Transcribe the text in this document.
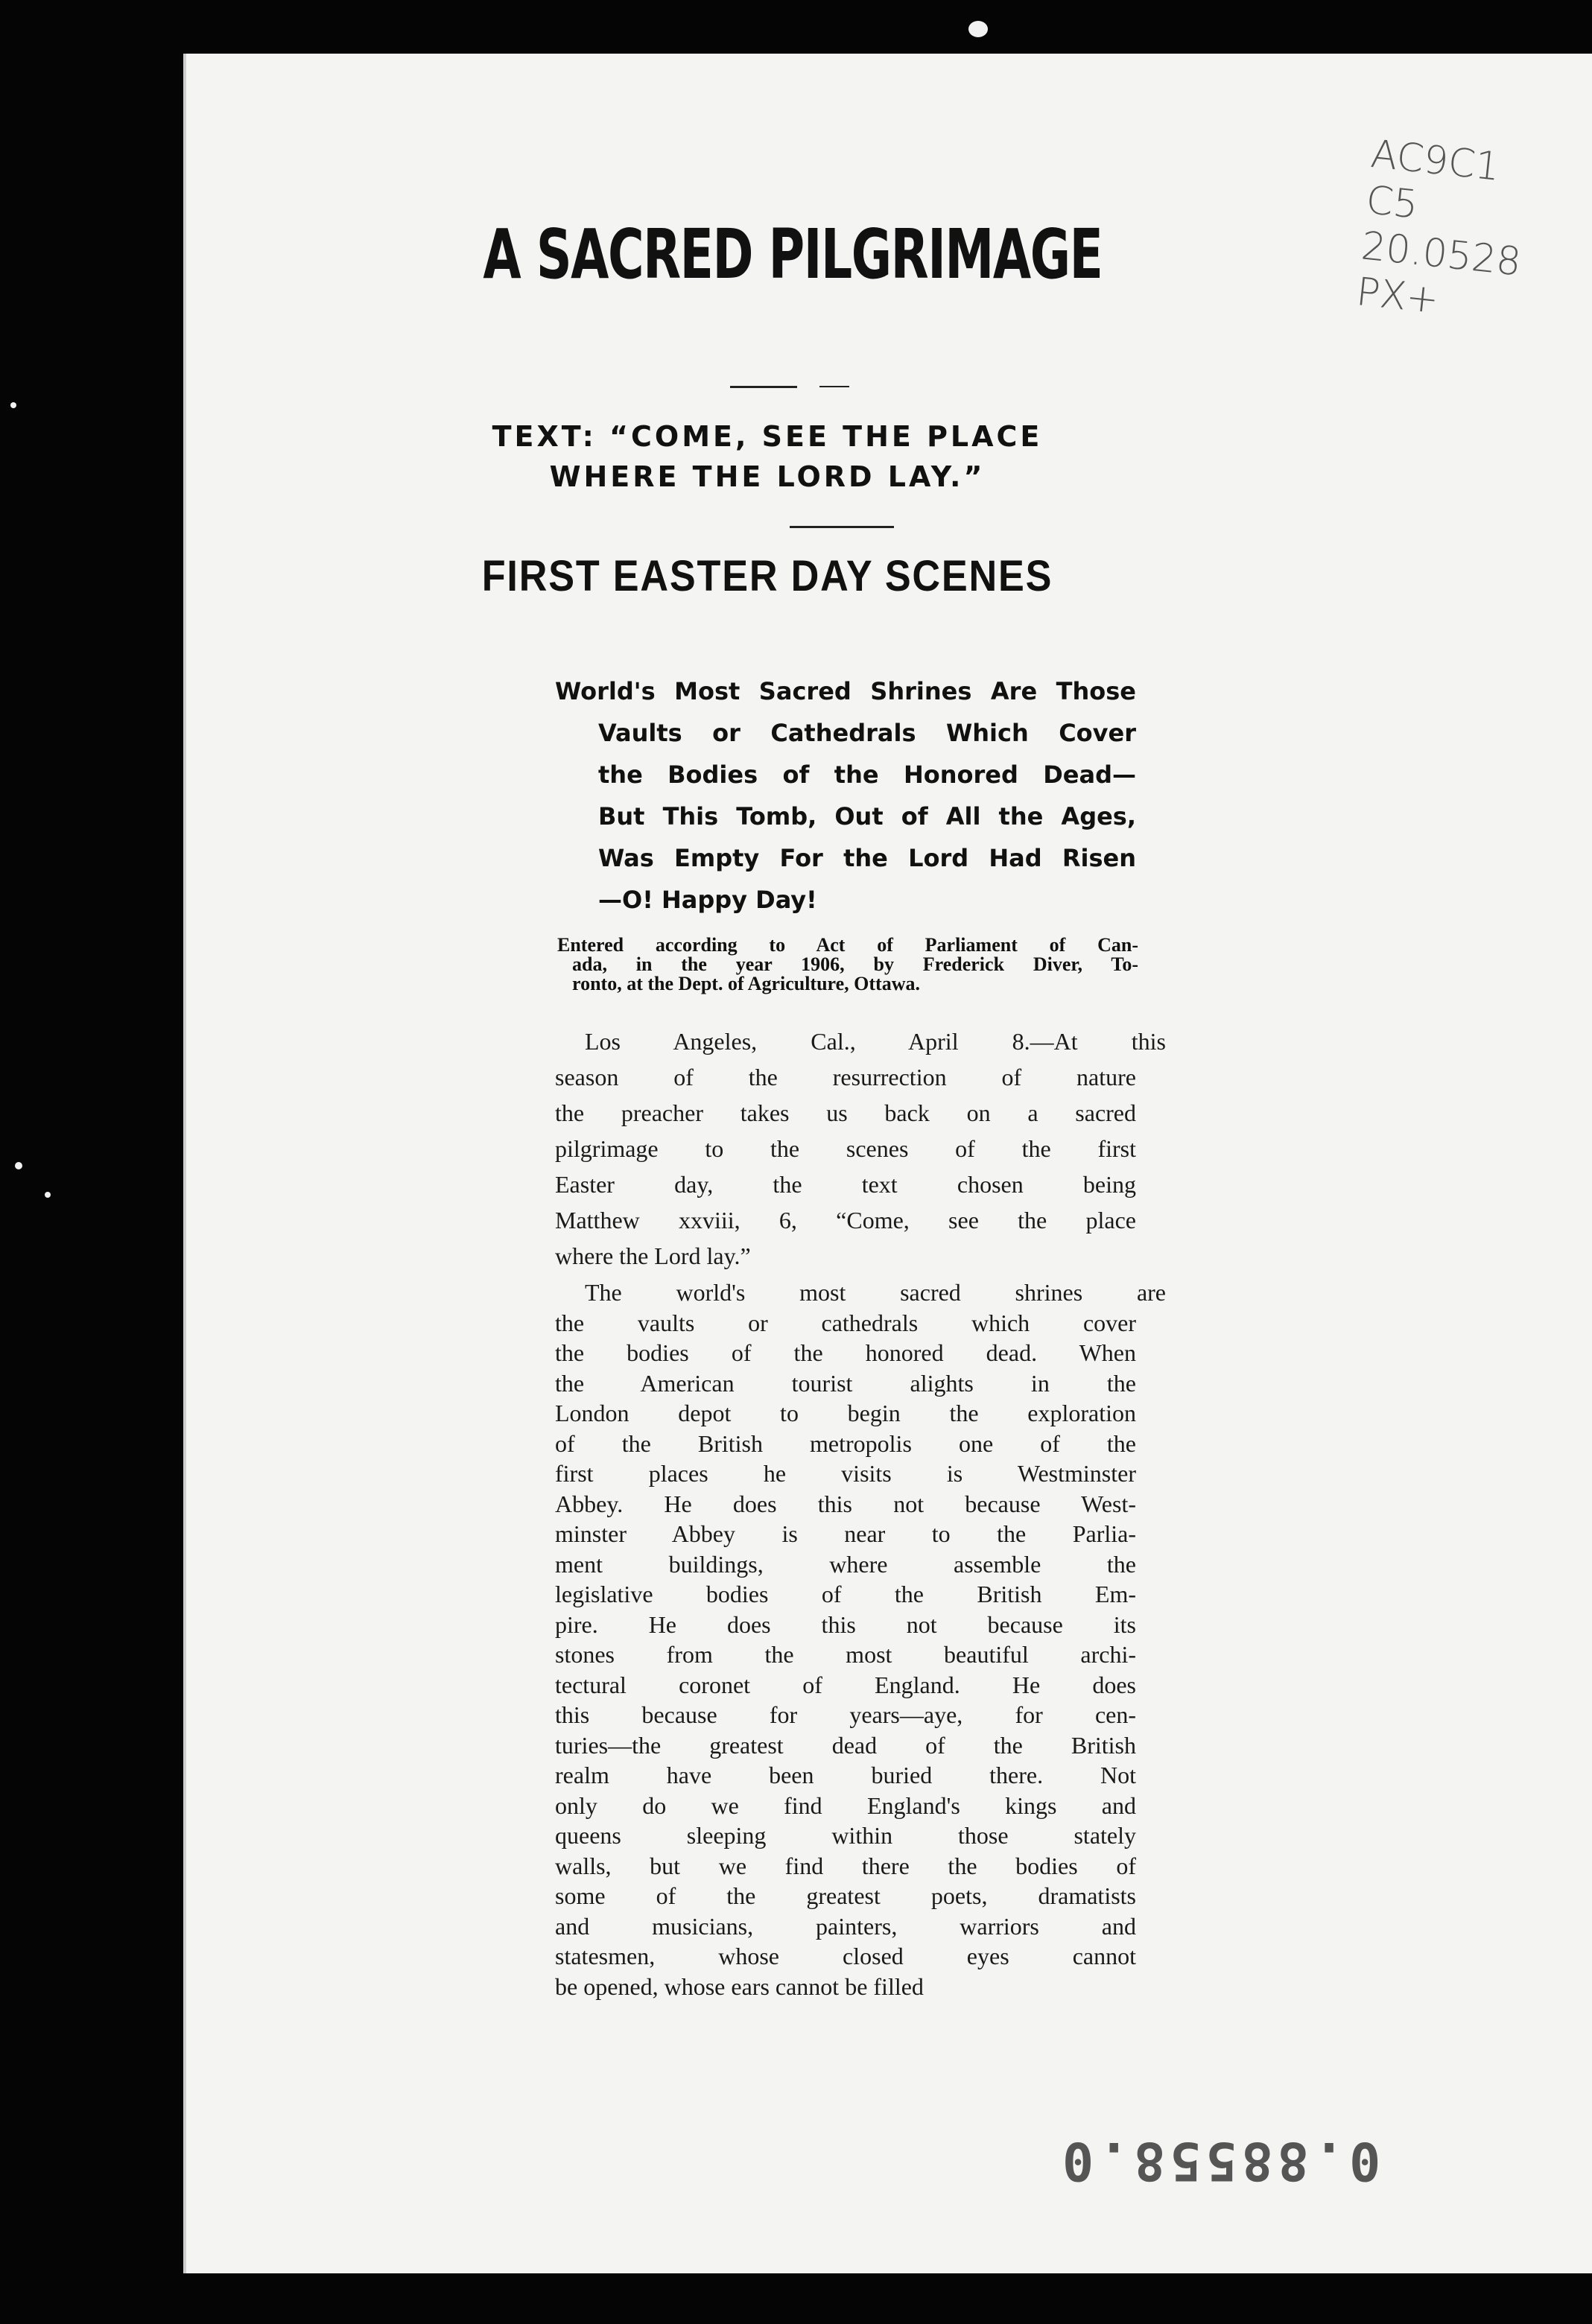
AC9C1
C5
20.0528
PX+
A SACRED PILGRIMAGE
TEXT: “COME, SEE THE PLACE
WHERE THE LORD LAY.”
FIRST EASTER DAY SCENES
World's Most Sacred Shrines Are Those
Vaults or Cathedrals Which Cover
the Bodies of the Honored Dead—
But This Tomb, Out of All the Ages,
Was Empty For the Lord Had Risen
—O! Happy Day!
Entered according to Act of Parliament of Can-
ada, in the year 1906, by Frederick Diver, To-
ronto, at the Dept. of Agriculture, Ottawa.
Los Angeles, Cal., April 8.—At this
season of the resurrection of nature
the preacher takes us back on a sacred
pilgrimage to the scenes of the first
Easter day, the text chosen being
Matthew xxviii, 6, “Come, see the place
where the Lord lay.”
The world's most sacred shrines are
the vaults or cathedrals which cover
the bodies of the honored dead. When
the American tourist alights in the
London depot to begin the exploration
of the British metropolis one of the
first places he visits is Westminster
Abbey. He does this not because West-
minster Abbey is near to the Parlia-
ment buildings, where assemble the
legislative bodies of the British Em-
pire. He does this not because its
stones from the most beautiful archi-
tectural coronet of England. He does
this because for years—aye, for cen-
turies—the greatest dead of the British
realm have been buried there. Not
only do we find England's kings and
queens sleeping within those stately
walls, but we find there the bodies of
some of the greatest poets, dramatists
and musicians, painters, warriors and
statesmen, whose closed eyes cannot
be opened, whose ears cannot be filled
0.88558.0
